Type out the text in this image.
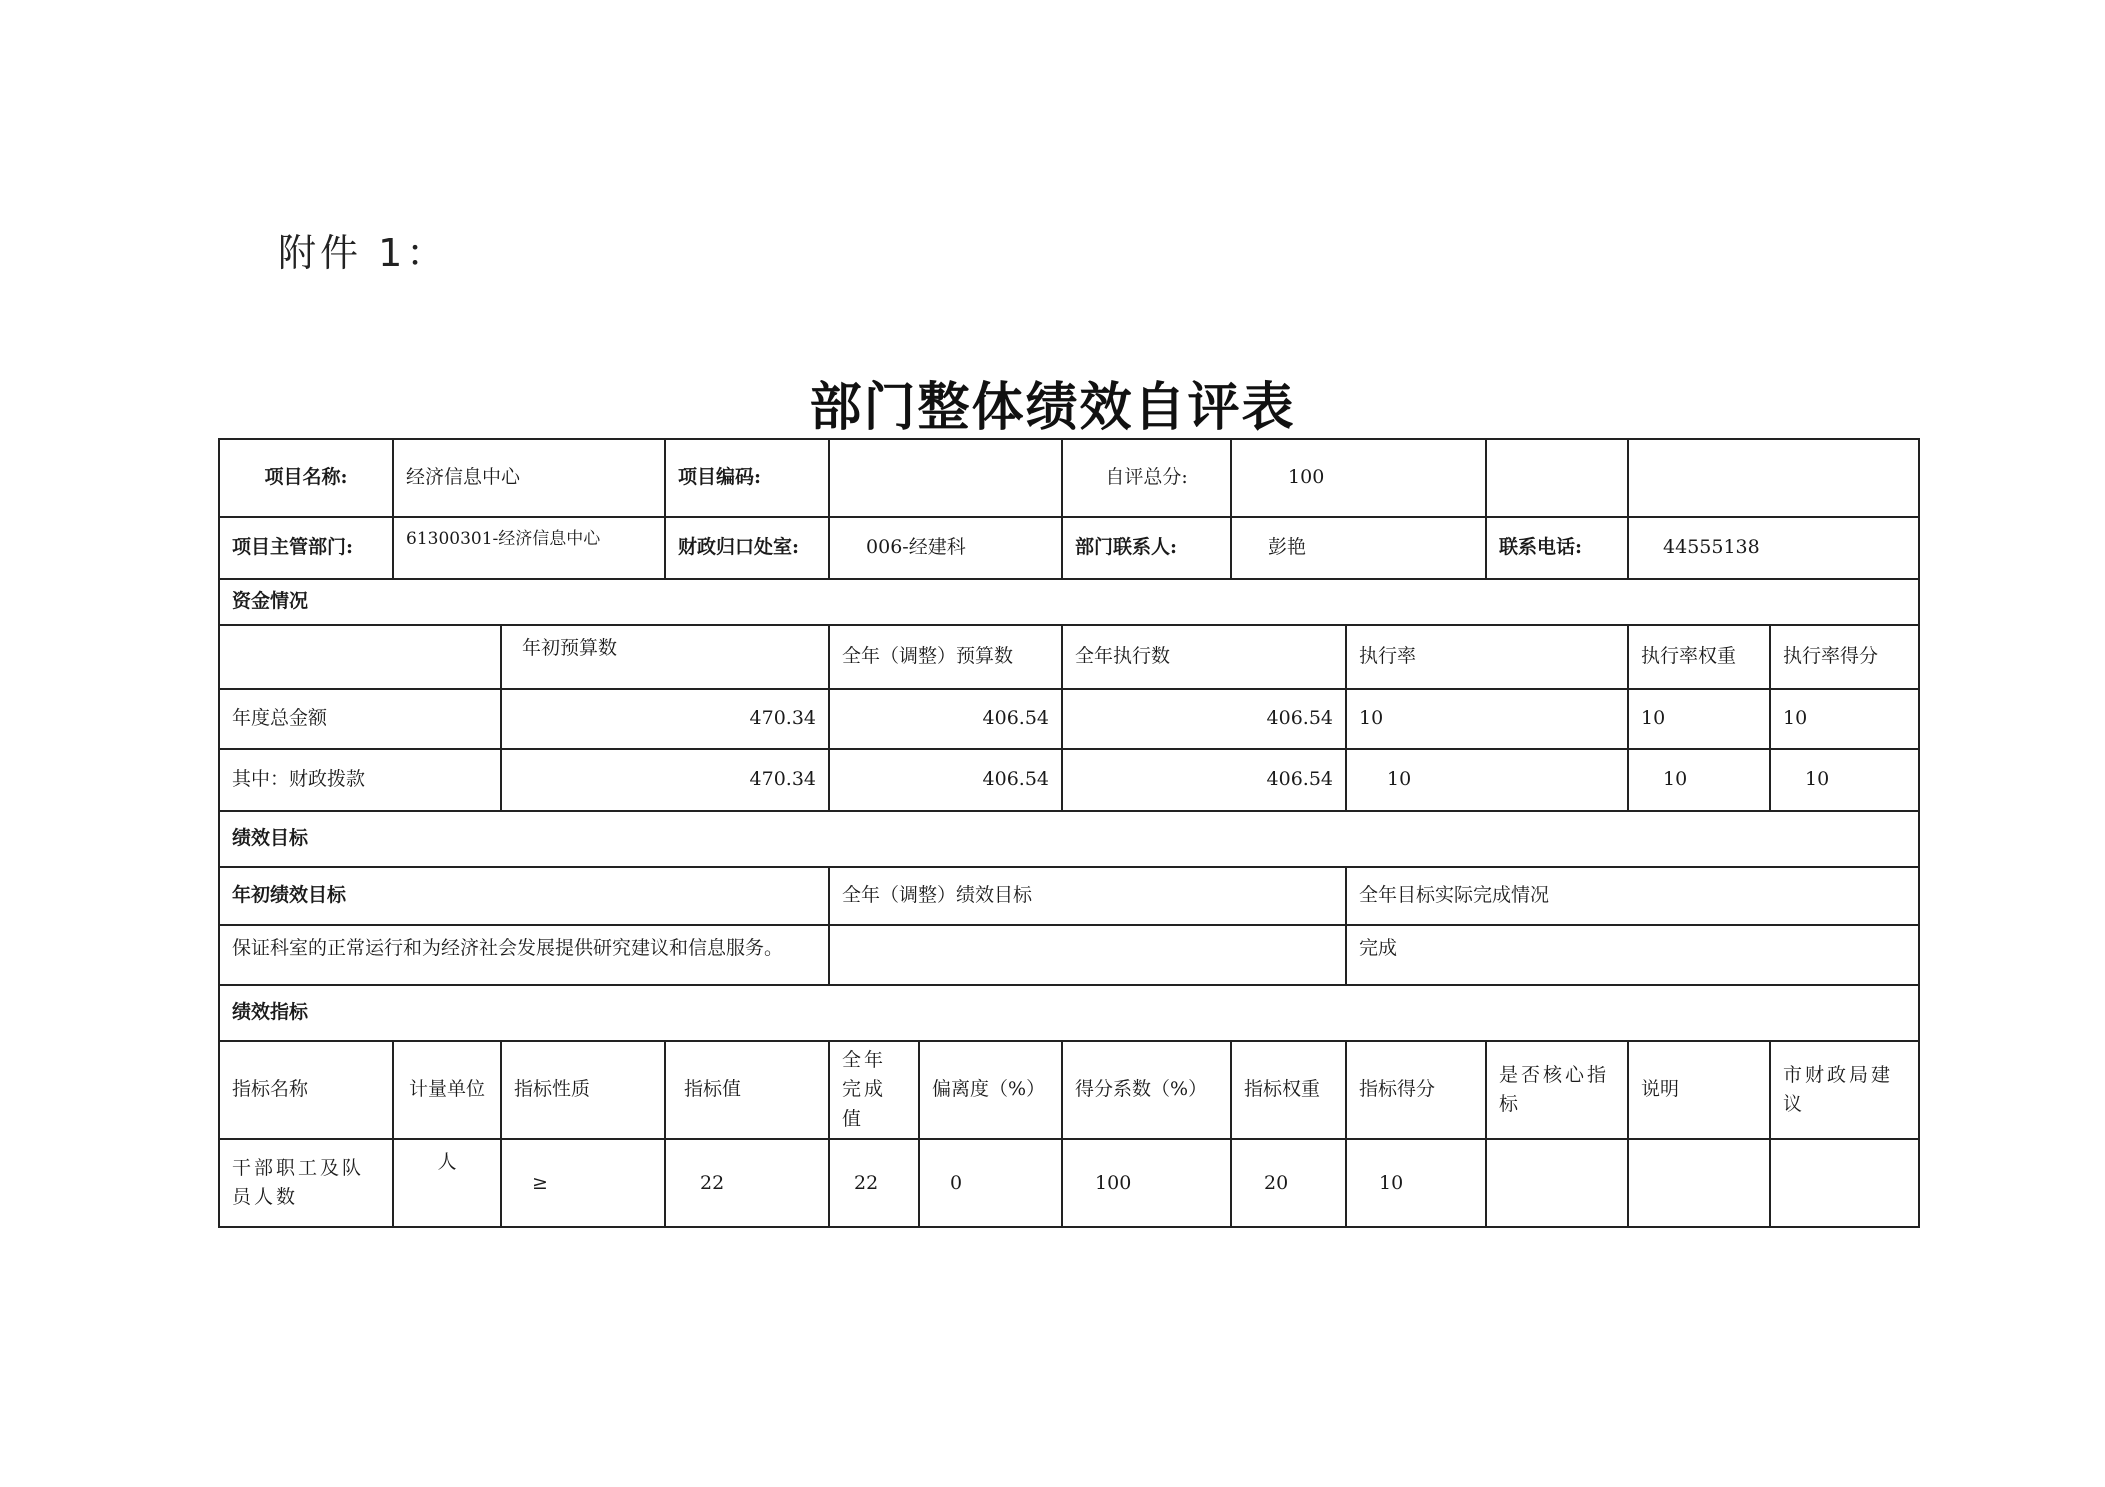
附件 1：
部门整体绩效自评表
项目名称:	经济信息中心		项目编码:			自评总分:	100				
项目主管部门:	61300301-经济信息中心		财政归口处室:	006-经建科		部门联系人:	彭艳		联系电话:	44555138	
资金情况											
		年初预算数		全年（调整）预算数		全年执行数		执行率		执行率权重	执行率得分
年度总金额		470.34		406.54		406.54		10		10	10
其中：财政拨款		470.34		406.54		406.54		10		10	10
绩效目标											
年初绩效目标				全年（调整）绩效目标				全年目标实际完成情况			
保证科室的正常运行和为经济社会发展提供研究建议和信息服务。								完成			
绩效指标											
指标名称	计量单位	指标性质	指标值	全年完成值	偏离度（%）	得分系数（%）	指标权重	指标得分	是否核心指标	说明	市财政局建议
干部职工及队员人数	人	≥	22	22	0	100	20	10			
